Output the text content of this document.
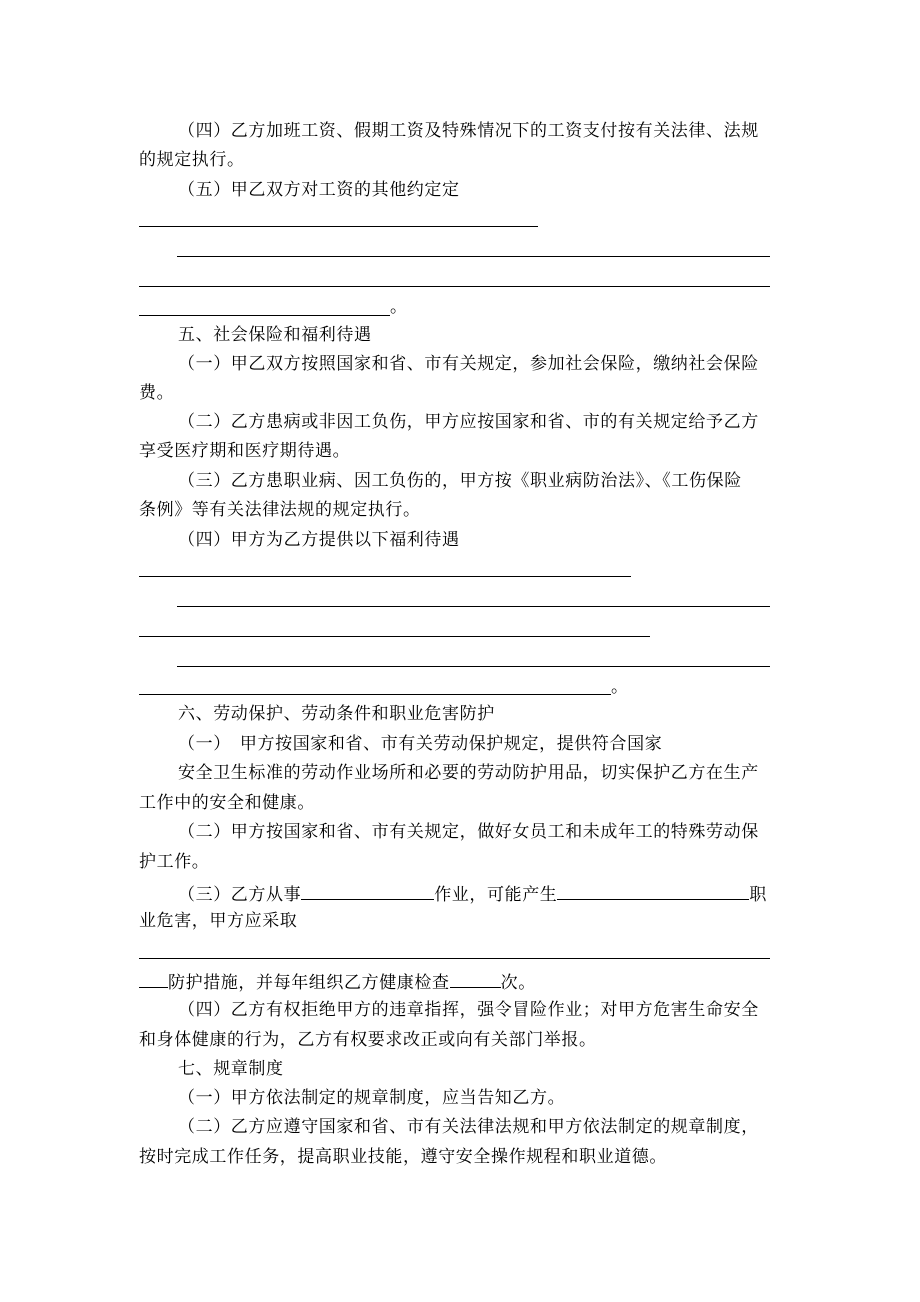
（四）乙方加班工资、假期工资及特殊情况下的工资支付按有关法律、法规
的规定执行。
（五）甲乙双方对工资的其他约定定
。
五、社会保险和福利待遇
（一）甲乙双方按照国家和省、市有关规定，参加社会保险，缴纳社会保险
费。
（二）乙方患病或非因工负伤，甲方应按国家和省、市的有关规定给予乙方
享受医疗期和医疗期待遇。
（三）乙方患职业病、因工负伤的，甲方按《职业病防治法》、《工伤保险
条例》等有关法律法规的规定执行。
（四）甲方为乙方提供以下福利待遇
。
六、劳动保护、劳动条件和职业危害防护
（一）　甲方按国家和省、市有关劳动保护规定，提供符合国家
安全卫生标准的劳动作业场所和必要的劳动防护用品，切实保护乙方在生产
工作中的安全和健康。
（二）甲方按国家和省、市有关规定，做好女员工和未成年工的特殊劳动保
护工作。
（三）乙方从事	作业，可能产生	职
业危害，甲方应采取
防护措施，并每年组织乙方健康检查	次。
（四）乙方有权拒绝甲方的违章指挥，强令冒险作业；对甲方危害生命安全
和身体健康的行为，乙方有权要求改正或向有关部门举报。
七、规章制度
（一）甲方依法制定的规章制度，应当告知乙方。
（二）乙方应遵守国家和省、市有关法律法规和甲方依法制定的规章制度，
按时完成工作任务，提高职业技能，遵守安全操作规程和职业道德。
